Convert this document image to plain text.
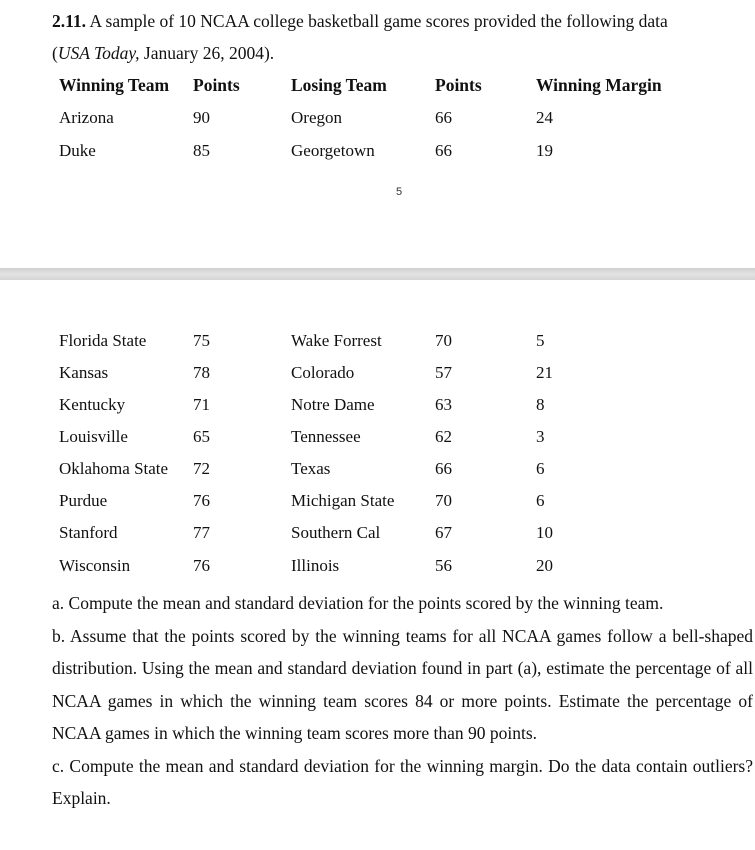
2.11. A sample of 10 NCAA college basketball game scores provided the following data
(USA Today, January 26, 2004).
Winning Team Points	Losing Team	Points	Winning Margin
Arizona	90	Oregon	66	24
Duke	85	Georgetown	66	19
5
Florida State	75	Wake Forrest	70	5
Kansas	78	Colorado	57	21
Kentucky	71	Notre Dame	63	8
Louisville	65	Tennessee	62	3
Oklahoma State 72	Texas	66	6
Purdue	76	Michigan State 70	6
Stanford	77	Southern Cal	67	10
Wisconsin	76	Illinois	56	20

a. Compute the mean and standard deviation for the points scored by the winning team.

b. Assume that the points scored by the winning teams for all NCAA games follow a bell-shaped distribution. Using the mean and standard deviation found in part (a), estimate the percentage of all NCAA games in which the winning team scores 84 or more points. Estimate the percentage of NCAA games in which the winning team scores more than 90 points.

c. Compute the mean and standard deviation for the winning margin. Do the data contain outliers? Explain.
